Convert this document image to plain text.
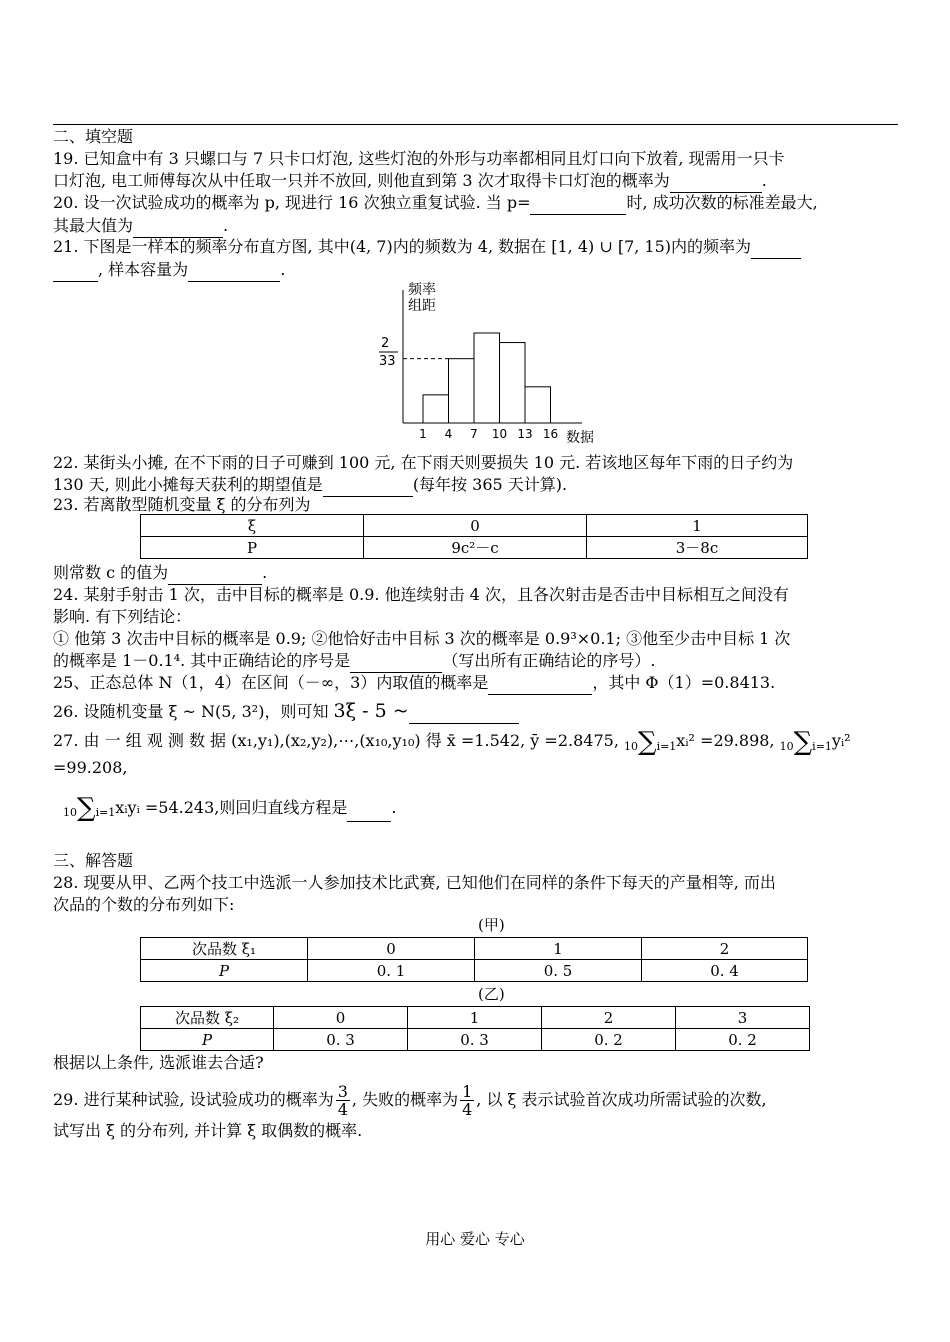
二、填空题
19. 已知盒中有 3 只螺口与 7 只卡口灯泡, 这些灯泡的外形与功率都相同且灯口向下放着, 现需用一只卡
口灯泡, 电工师傅每次从中任取一只并不放回, 则他直到第 3 次才取得卡口灯泡的概率为	.
20. 设一次试验成功的概率为 p, 现进行 16 次独立重复试验. 当 p=	时, 成功次数的标准差最大,
其最大值为	.
21. 下图是一样本的频率分布直方图, 其中(4, 7)内的频数为 4, 数据在 [1, 4) ∪ [7, 15)内的频率为
, 样本容量为	.
频率
组距
2
33
1 4 7 10 13 16 数据
22. 某街头小摊, 在不下雨的日子可赚到 100 元, 在下雨天则要损失 10 元. 若该地区每年下雨的日子约为
130 天, 则此小摊每天获利的期望值是	(每年按 365 天计算).
23. 若离散型随机变量 ξ 的分布列为
ξ	0	1
P	9c²－c	3－8c
则常数 c 的值为	.
24. 某射手射击 1 次，击中目标的概率是 0.9. 他连续射击 4 次，且各次射击是否击中目标相互之间没有
影响. 有下列结论：
① 他第 3 次击中目标的概率是 0.9; ②他恰好击中目标 3 次的概率是 0.9³×0.1; ③他至少击中目标 1 次
的概率是 1－0.1⁴. 其中正确结论的序号是	（写出所有正确结论的序号）.
25、正态总体 N（1，4）在区间（－∞，3）内取值的概率是	，其中 Φ（1）=0.8413.
26. 设随机变量 ξ ~ N(5, 3²)，则可知 3ξ - 5 ~
27. 由 一 组 观 测 数 据 (x₁,y₁),(x₂,y₂),⋯,(x₁₀,y₁₀) 得 x̄ =1.542, ȳ =2.8475, 10∑i=1xᵢ² =29.898, 10∑i=1yᵢ² =99.208,
10∑i=1xᵢyᵢ =54.243,则回归直线方程是	.
三、解答题
28. 现要从甲、乙两个技工中选派一人参加技术比武赛, 已知他们在同样的条件下每天的产量相等, 而出
次品的个数的分布列如下:
(甲)
次品数 ξ₁	0	1	2
P	0. 1	0. 5	0. 4
(乙)
次品数 ξ₂	0	1	2	3
P	0. 3	0. 3	0. 2	0. 2
根据以上条件, 选派谁去合适?
29. 进行某种试验, 设试验成功的概率为 $\frac{3}{4}$ , 失败的概率为 $\frac{1}{4}$ , 以 ξ 表示试验首次成功所需试验的次数,
试写出 ξ 的分布列, 并计算 ξ 取偶数的概率.
用心 爱心 专心
